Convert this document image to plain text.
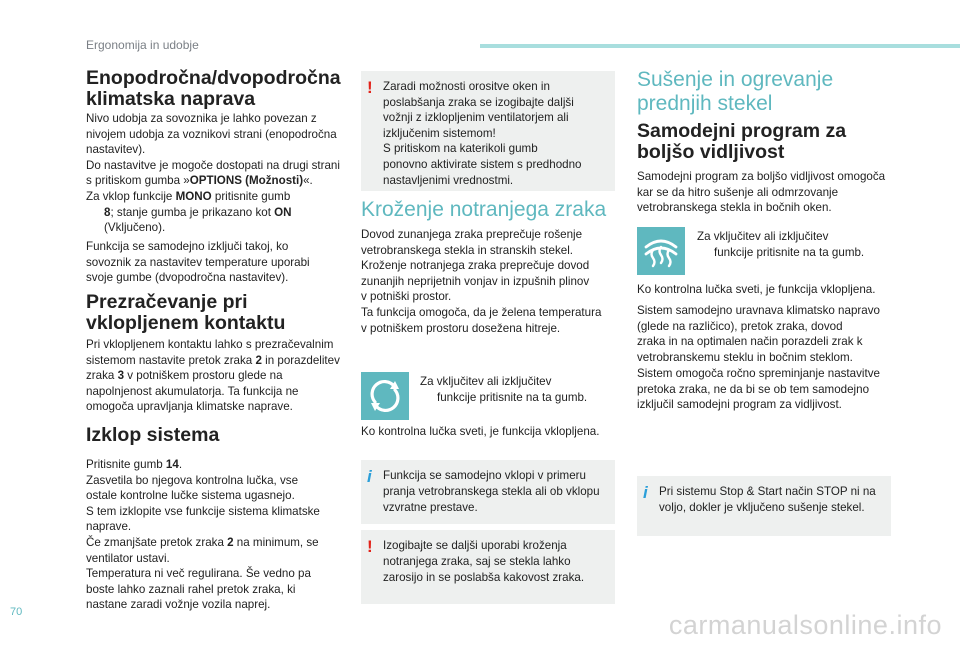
Ergonomija in udobje
Enopodročna/dvopodročna klimatska naprava

Nivo udobja za sovoznika je lahko povezan z

nivojem udobja za voznikovi strani (enopodročna

nastavitev).

Do nastavitve je mogoče dostopati na drugi strani

s pritiskom gumba »OPTIONS (Možnosti)«.

Za vklop funkcije MONO pritisnite gumb

8; stanje gumba je prikazano kot ON

(Vključeno).

Funkcija se samodejno izključi takoj, ko

sovoznik za nastavitev temperature uporabi

svoje gumbe (dvopodročna nastavitev).

Prezračevanje pri vklopljenem kontaktu

Pri vklopljenem kontaktu lahko s prezračevalnim

sistemom nastavite pretok zraka 2 in porazdelitev

zraka 3 v potniškem prostoru glede na

napolnjenost akumulatorja. Ta funkcija ne

omogoča upravljanja klimatske naprave.

Izklop sistema

Pritisnite gumb 14.

Zasvetila bo njegova kontrolna lučka, vse

ostale kontrolne lučke sistema ugasnejo.

S tem izklopite vse funkcije sistema klimatske

naprave.

Če zmanjšate pretok zraka 2 na minimum, se

ventilator ustavi.

Temperatura ni več regulirana. Še vedno pa

boste lahko zaznali rahel pretok zraka, ki

nastane zaradi vožnje vozila naprej.

! Zaradi možnosti orositve oken in

poslabšanja zraka se izogibajte daljši

vožnji z izklopljenim ventilatorjem ali

izključenim sistemom!

S pritiskom na katerikoli gumb

ponovno aktivirate sistem s predhodno

nastavljenimi vrednostmi.

Kroženje notranjega zraka

Dovod zunanjega zraka preprečuje rošenje

vetrobranskega stekla in stranskih stekel.

Kroženje notranjega zraka preprečuje dovod

zunanjih neprijetnih vonjav in izpušnih plinov

v potniški prostor.

Ta funkcija omogoča, da je želena temperatura

v potniškem prostoru dosežena hitreje.

Za vključitev ali izključitev

funkcije pritisnite na ta gumb.

Ko kontrolna lučka sveti, je funkcija vklopljena.

i Funkcija se samodejno vklopi v primeru

pranja vetrobranskega stekla ali ob vklopu

vzvratne prestave.

! Izogibajte se daljši uporabi kroženja

notranjega zraka, saj se stekla lahko

zarosijo in se poslabša kakovost zraka.

Sušenje in ogrevanje prednjih stekel
Samodejni program za boljšo vidljivost

Samodejni program za boljšo vidljivost omogoča

kar se da hitro sušenje ali odmrzovanje

vetrobranskega stekla in bočnih oken.

Za vključitev ali izključitev

funkcije pritisnite na ta gumb.

Ko kontrolna lučka sveti, je funkcija vklopljena.

Sistem samodejno uravnava klimatsko napravo

(glede na različico), pretok zraka, dovod

zraka in na optimalen način porazdeli zrak k

vetrobranskemu steklu in bočnim steklom.

Sistem omogoča ročno spreminjanje nastavitve

pretoka zraka, ne da bi se ob tem samodejno

izključil samodejni program za vidljivost.

i Pri sistemu Stop & Start način STOP ni na

voljo, dokler je vključeno sušenje stekel.

70	carmanualsonline.info
